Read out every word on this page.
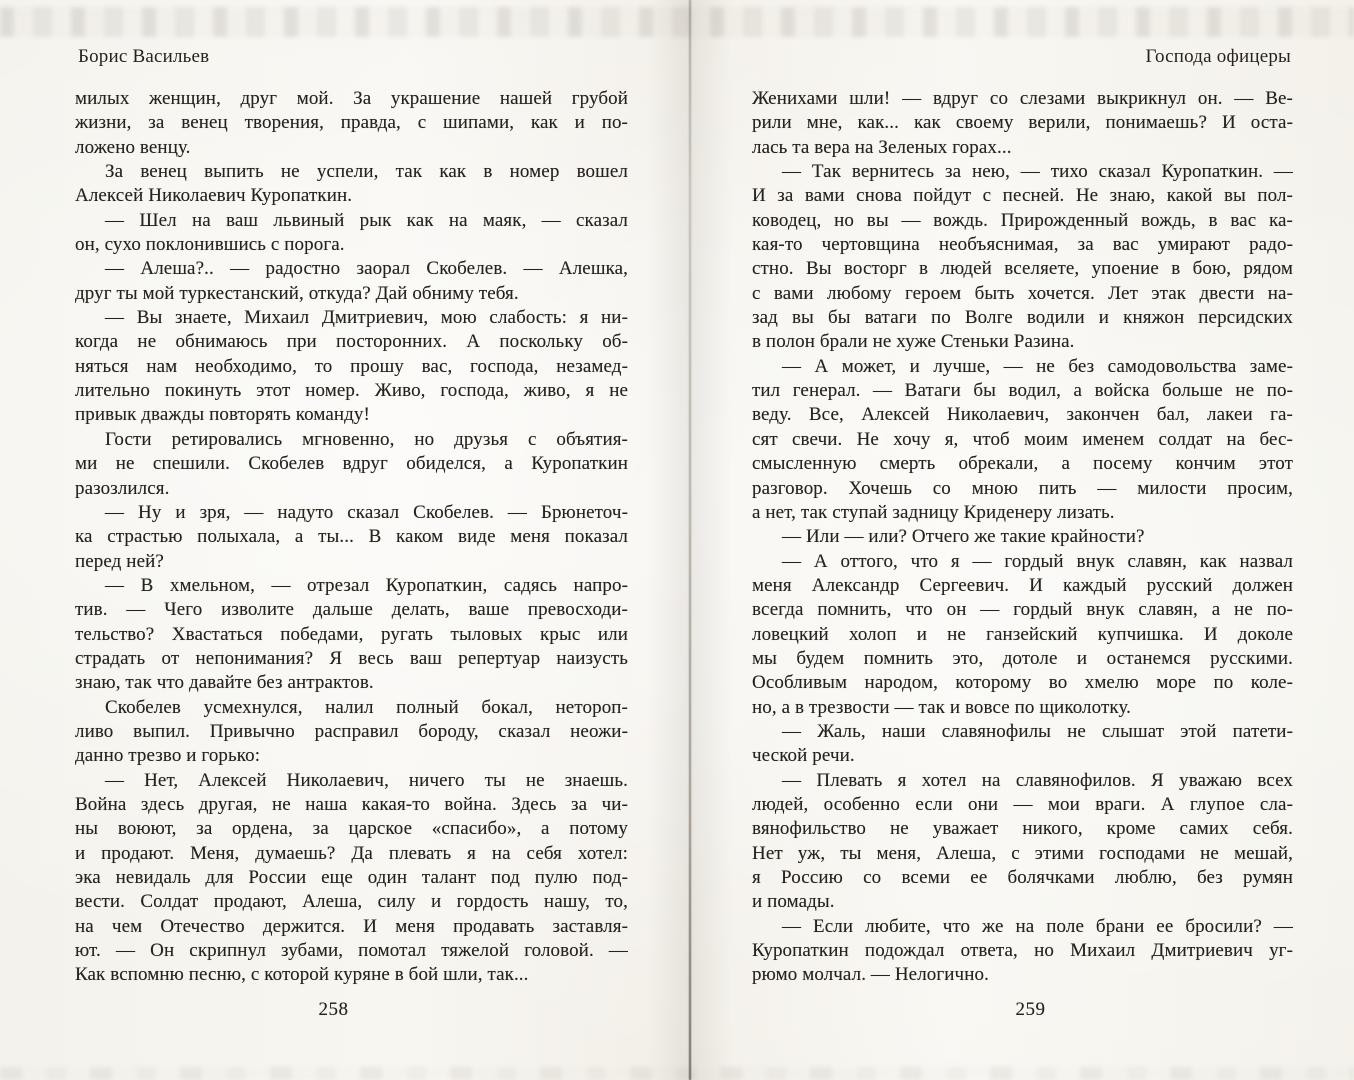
Борис Васильев
милых женщин, друг мой. За украшение нашей грубой
жизни, за венец творения, правда, с шипами, как и по-
ложено венцу.
За венец выпить не успели, так как в номер вошел
Алексей Николаевич Куропаткин.
— Шел на ваш львиный рык как на маяк, — сказал
он, сухо поклонившись с порога.
— Алеша?.. — радостно заорал Скобелев. — Алешка,
друг ты мой туркестанский, откуда? Дай обниму тебя.
— Вы знаете, Михаил Дмитриевич, мою слабость: я ни-
когда не обнимаюсь при посторонних. А поскольку об-
няться нам необходимо, то прошу вас, господа, незамед-
лительно покинуть этот номер. Живо, господа, живо, я не
привык дважды повторять команду!
Гости ретировались мгновенно, но друзья с объятия-
ми не спешили. Скобелев вдруг обиделся, а Куропаткин
разозлился.
— Ну и зря, — надуто сказал Скобелев. — Брюнеточ-
ка страстью полыхала, а ты... В каком виде меня показал
перед ней?
— В хмельном, — отрезал Куропаткин, садясь напро-
тив. — Чего изволите дальше делать, ваше превосходи-
тельство? Хвастаться победами, ругать тыловых крыс или
страдать от непонимания? Я весь ваш репертуар наизусть
знаю, так что давайте без антрактов.
Скобелев усмехнулся, налил полный бокал, нетороп-
ливо выпил. Привычно расправил бороду, сказал неожи-
данно трезво и горько:
— Нет, Алексей Николаевич, ничего ты не знаешь.
Война здесь другая, не наша какая-то война. Здесь за чи-
ны воюют, за ордена, за царское «спасибо», а потому
и продают. Меня, думаешь? Да плевать я на себя хотел:
эка невидаль для России еще один талант под пулю под-
вести. Солдат продают, Алеша, силу и гордость нашу, то,
на чем Отечество держится. И меня продавать заставля-
ют. — Он скрипнул зубами, помотал тяжелой головой. —
Как вспомню песню, с которой куряне в бой шли, так...
258
Господа офицеры
Женихами шли! — вдруг со слезами выкрикнул он. — Ве-
рили мне, как... как своему верили, понимаешь? И оста-
лась та вера на Зеленых горах...
— Так вернитесь за нею, — тихо сказал Куропаткин. —
И за вами снова пойдут с песней. Не знаю, какой вы пол-
ководец, но вы — вождь. Прирожденный вождь, в вас ка-
кая-то чертовщина необъяснимая, за вас умирают радо-
стно. Вы восторг в людей вселяете, упоение в бою, рядом
с вами любому героем быть хочется. Лет этак двести на-
зад вы бы ватаги по Волге водили и княжон персидских
в полон брали не хуже Стеньки Разина.
— А может, и лучше, — не без самодовольства заме-
тил генерал. — Ватаги бы водил, а войска больше не по-
веду. Все, Алексей Николаевич, закончен бал, лакеи га-
сят свечи. Не хочу я, чтоб моим именем солдат на бес-
смысленную смерть обрекали, а посему кончим этот
разговор. Хочешь со мною пить — милости просим,
а нет, так ступай задницу Криденеру лизать.
— Или — или? Отчего же такие крайности?
— А оттого, что я — гордый внук славян, как назвал
меня Александр Сергеевич. И каждый русский должен
всегда помнить, что он — гордый внук славян, а не по-
ловецкий холоп и не ганзейский купчишка. И доколе
мы будем помнить это, дотоле и останемся русскими.
Особливым народом, которому во хмелю море по коле-
но, а в трезвости — так и вовсе по щиколотку.
— Жаль, наши славянофилы не слышат этой патети-
ческой речи.
— Плевать я хотел на славянофилов. Я уважаю всех
людей, особенно если они — мои враги. А глупое сла-
вянофильство не уважает никого, кроме самих себя.
Нет уж, ты меня, Алеша, с этими господами не мешай,
я Россию со всеми ее болячками люблю, без румян
и помады.
— Если любите, что же на поле брани ее бросили? —
Куропаткин подождал ответа, но Михаил Дмитриевич уг-
рюмо молчал. — Нелогично.
259
